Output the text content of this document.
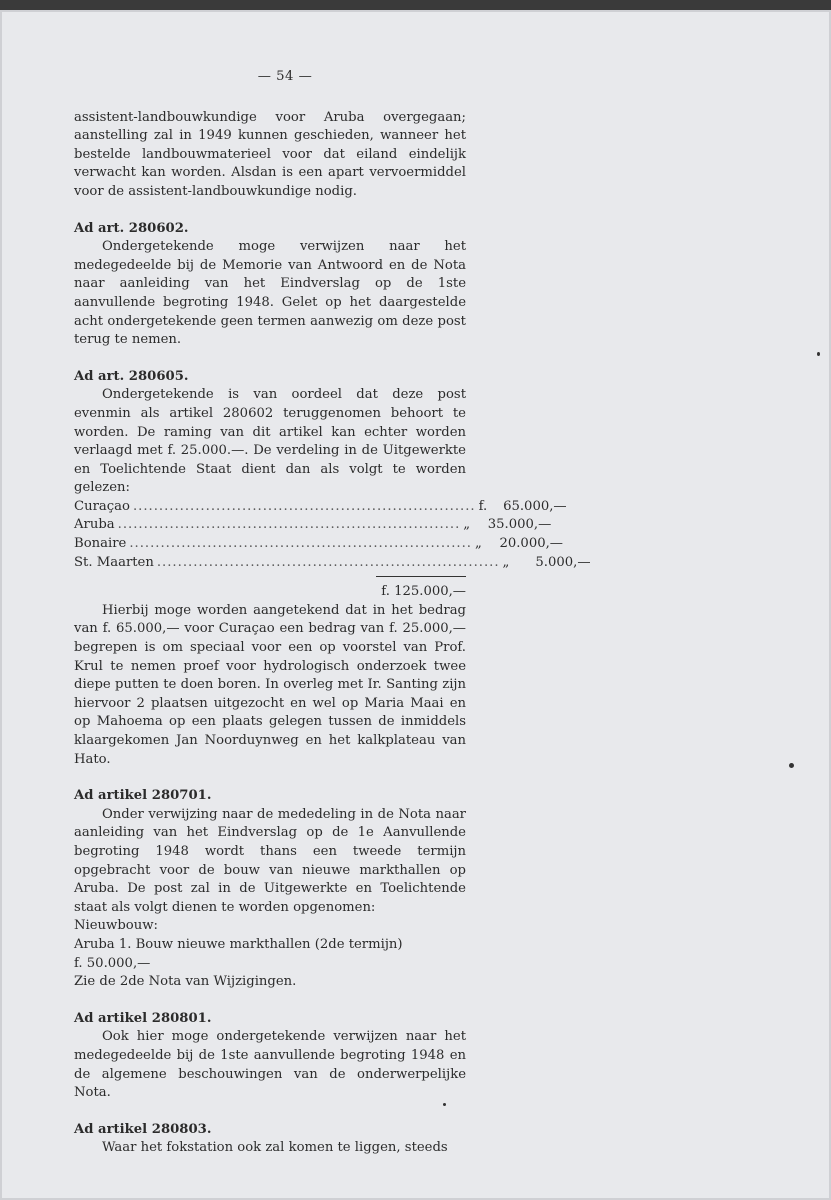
— 54 —

assistent-landbouwkundige voor Aruba overgegaan; aanstelling zal in 1949 kunnen geschieden, wanneer het bestelde landbouwmaterieel voor dat eiland eindelijk verwacht kan worden. Alsdan is een apart vervoermiddel voor de assistent-landbouwkundige nodig.

Ad art. 280602.

Ondergetekende moge verwijzen naar het medegedeelde bij de Memorie van Antwoord en de Nota naar aanleiding van het Eindverslag op de 1ste aanvullende begroting 1948. Gelet op het daargestelde acht ondergetekende geen termen aanwezig om deze post terug te nemen.

Ad art. 280605.

Ondergetekende is van oordeel dat deze post evenmin als artikel 280602 teruggenomen behoort te worden. De raming van dit artikel kan echter worden verlaagd met f. 25.000.—. De verdeling in de Uitgewerkte en Toelichtende Staat dient dan als volgt te worden gelezen:

Curaçao .................................................................. f.	65.000,—
Aruba .................................................................. „	35.000,—
Bonaire .................................................................. „	20.000,—
St. Maarten .................................................................. „	5.000,—
f. 125.000,—

Hierbij moge worden aangetekend dat in het bedrag van f. 65.000,— voor Curaçao een bedrag van f. 25.000,— begrepen is om speciaal voor een op voorstel van Prof. Krul te nemen proef voor hydrologisch onderzoek twee diepe putten te doen boren. In overleg met Ir. Santing zijn hiervoor 2 plaatsen uitgezocht en wel op Maria Maai en op Mahoema op een plaats gelegen tussen de inmiddels klaargekomen Jan Noorduynweg en het kalkplateau van Hato.

Ad artikel 280701.

Onder verwijzing naar de mededeling in de Nota naar aanleiding van het Eindverslag op de 1e Aanvullende begroting 1948 wordt thans een tweede termijn opgebracht voor de bouw van nieuwe markthallen op Aruba. De post zal in de Uitgewerkte en Toelichtende staat als volgt dienen te worden opgenomen:

Nieuwbouw:

Aruba 1. Bouw nieuwe markthallen (2de termijn)

f. 50.000,—

Zie de 2de Nota van Wijzigingen.

Ad artikel 280801.

Ook hier moge ondergetekende verwijzen naar het medegedeelde bij de 1ste aanvullende begroting 1948 en de algemene beschouwingen van de onderwerpelijke Nota.

Ad artikel 280803.

Waar het fokstation ook zal komen te liggen, steeds
